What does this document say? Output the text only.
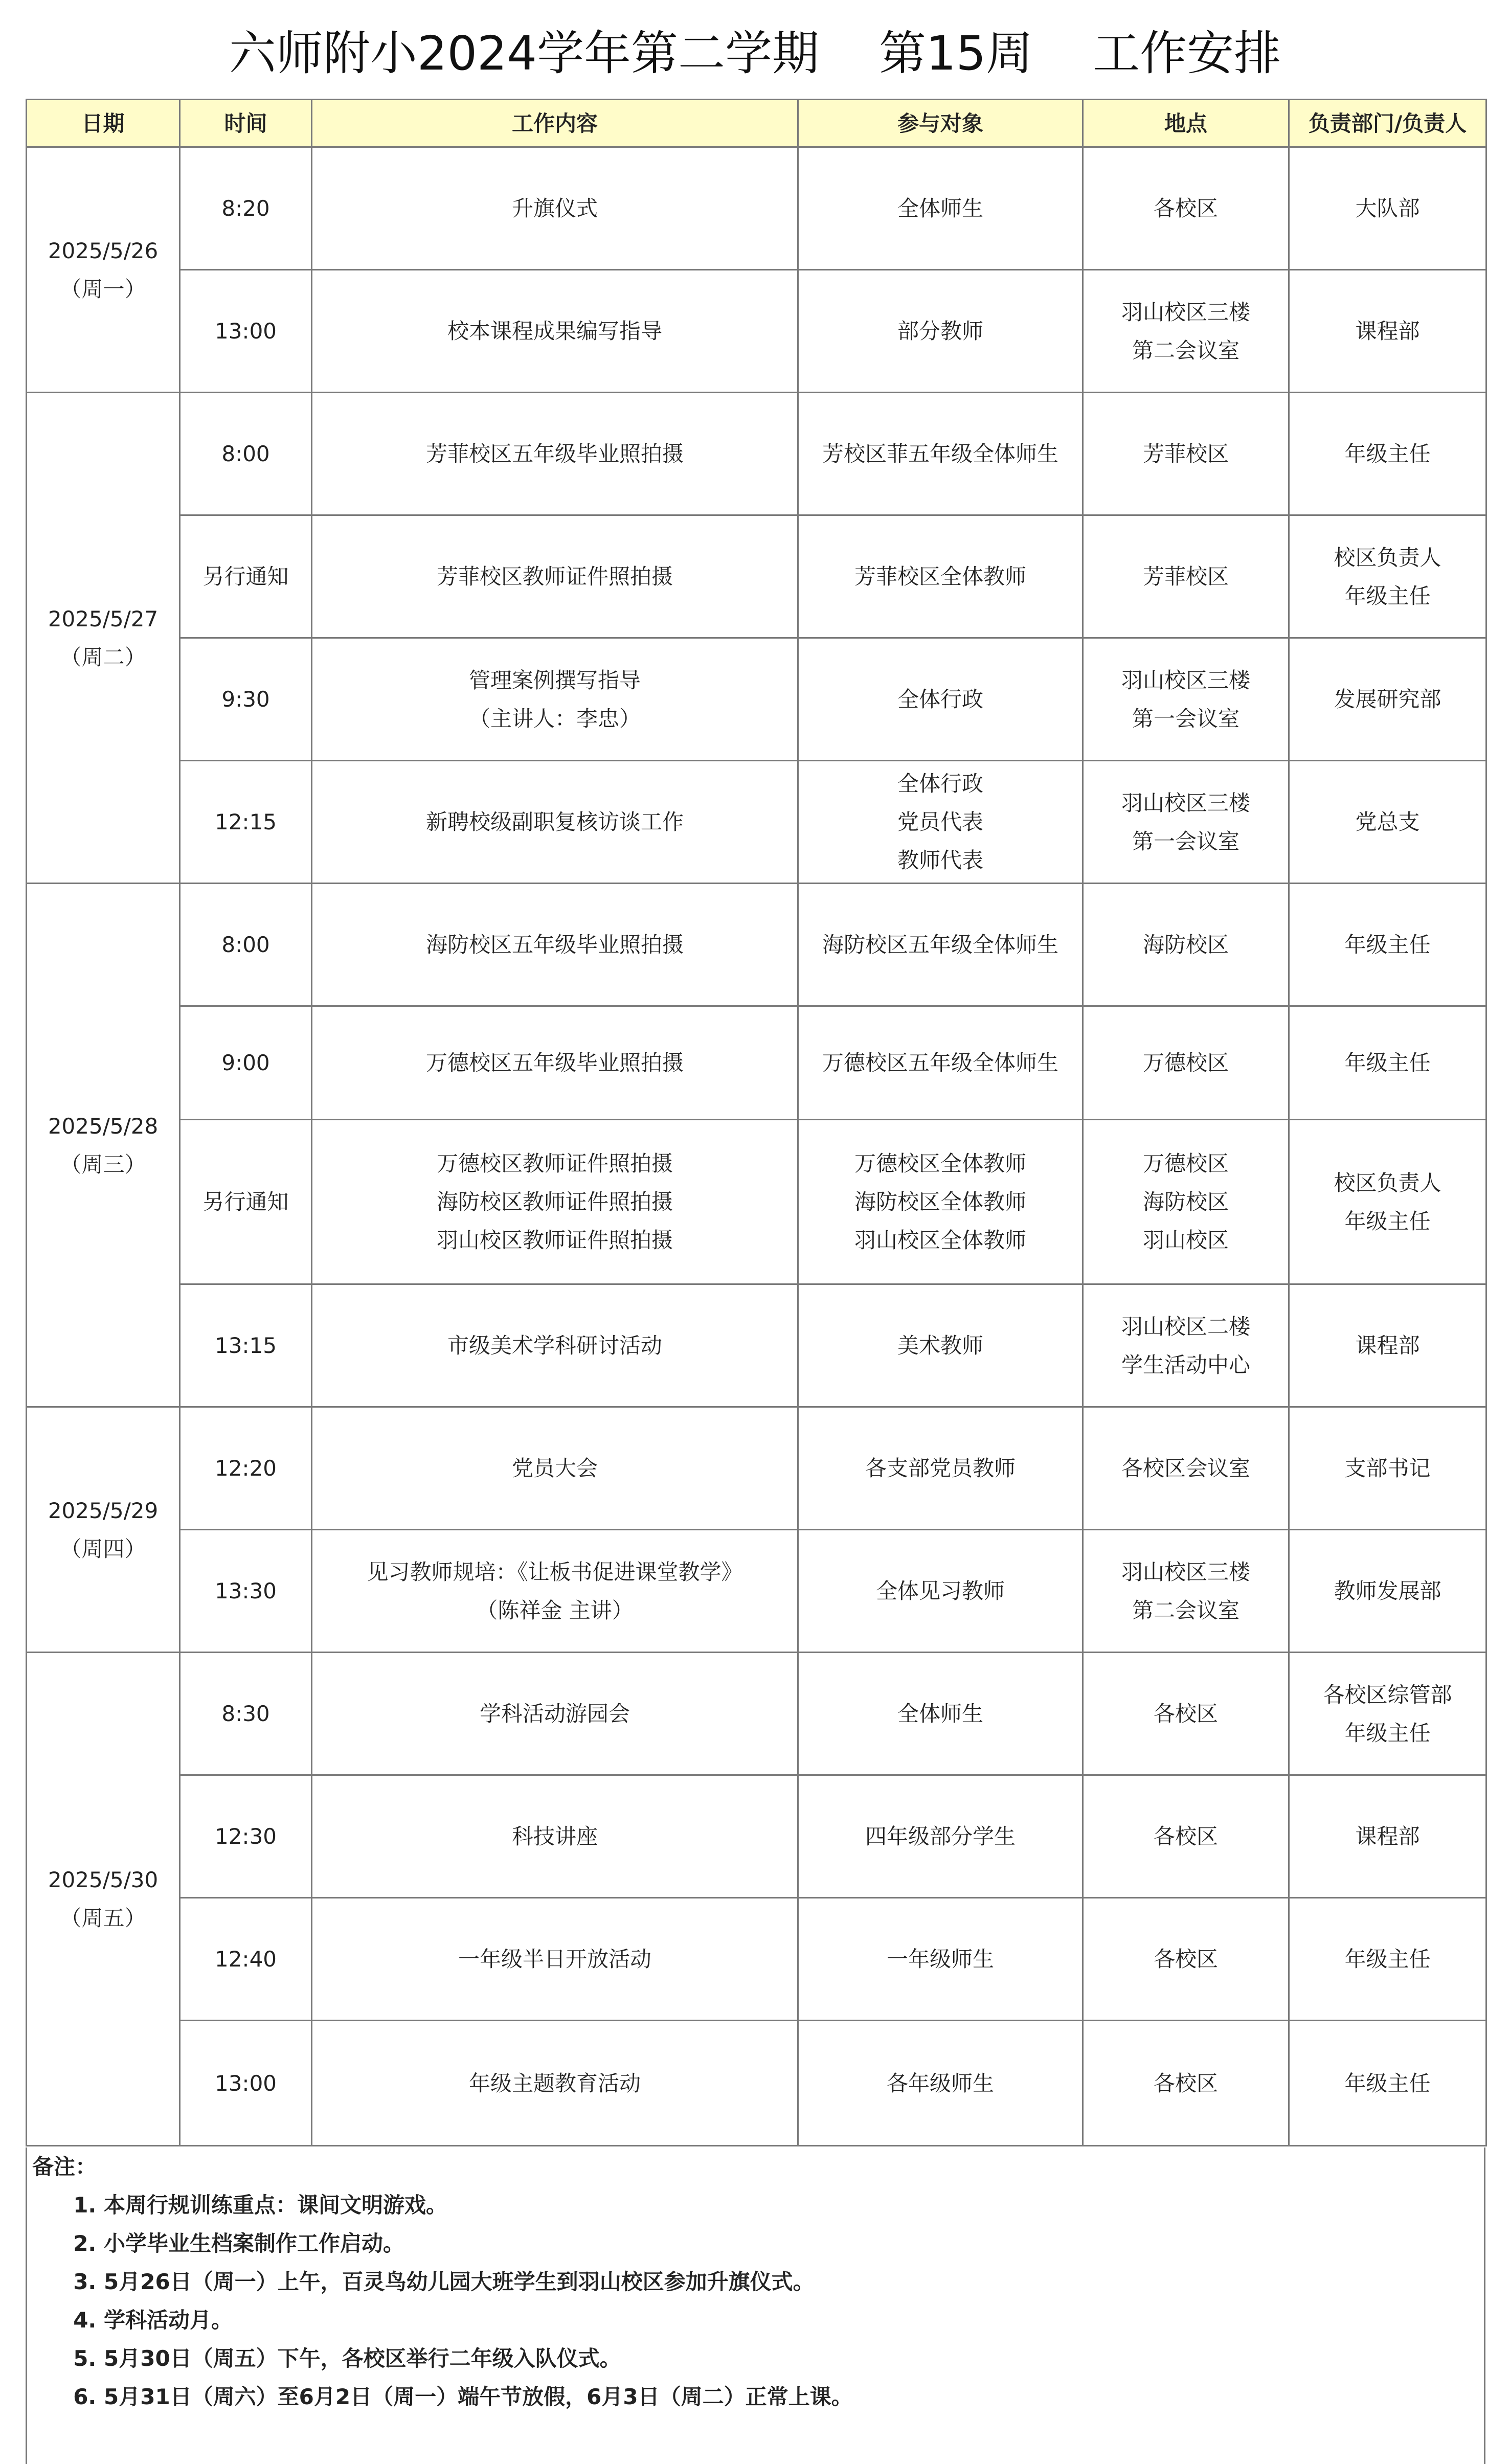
六师附小2024学年第二学期    第15周    工作安排
日期	时间	工作内容	参与对象	地点	负责部门/负责人

2025/5/26
（周一）	8:20	升旗仪式	全体师生	各校区	大队部

	13:00	校本课程成果编写指导	部分教师	羽山校区三楼
第二会议室	课程部

2025/5/27
（周二）	8:00	芳菲校区五年级毕业照拍摄	芳校区菲五年级全体师生	芳菲校区	年级主任

	另行通知	芳菲校区教师证件照拍摄	芳菲校区全体教师	芳菲校区	校区负责人
年级主任

	9:30	管理案例撰写指导
（主讲人：李忠）	全体行政	羽山校区三楼
第一会议室	发展研究部

	12:15	新聘校级副职复核访谈工作	全体行政
党员代表
教师代表	羽山校区三楼
第一会议室	党总支

2025/5/28
（周三）	8:00	海防校区五年级毕业照拍摄	海防校区五年级全体师生	海防校区	年级主任

	9:00	万德校区五年级毕业照拍摄	万德校区五年级全体师生	万德校区	年级主任

	另行通知	万德校区教师证件照拍摄
海防校区教师证件照拍摄
羽山校区教师证件照拍摄	万德校区全体教师
海防校区全体教师
羽山校区全体教师	万德校区
海防校区
羽山校区	校区负责人
年级主任

	13:15	市级美术学科研讨活动	美术教师	羽山校区二楼
学生活动中心	课程部

2025/5/29
（周四）	12:20	党员大会	各支部党员教师	各校区会议室	支部书记

	13:30	见习教师规培：《让板书促进课堂教学》
（陈祥金 主讲）	全体见习教师	羽山校区三楼
第二会议室	教师发展部

2025/5/30
（周五）	8:30	学科活动游园会	全体师生	各校区	各校区综管部
年级主任

	12:30	科技讲座	四年级部分学生	各校区	课程部

	12:40	一年级半日开放活动	一年级师生	各校区	年级主任

	13:00	年级主题教育活动	各年级师生	各校区	年级主任
备注：
1. 本周行规训练重点：课间文明游戏。
2. 小学毕业生档案制作工作启动。
3. 5月26日（周一）上午，百灵鸟幼儿园大班学生到羽山校区参加升旗仪式。
4. 学科活动月。
5. 5月30日（周五）下午，各校区举行二年级入队仪式。
6. 5月31日（周六）至6月2日（周一）端午节放假，6月3日（周二）正常上课。
